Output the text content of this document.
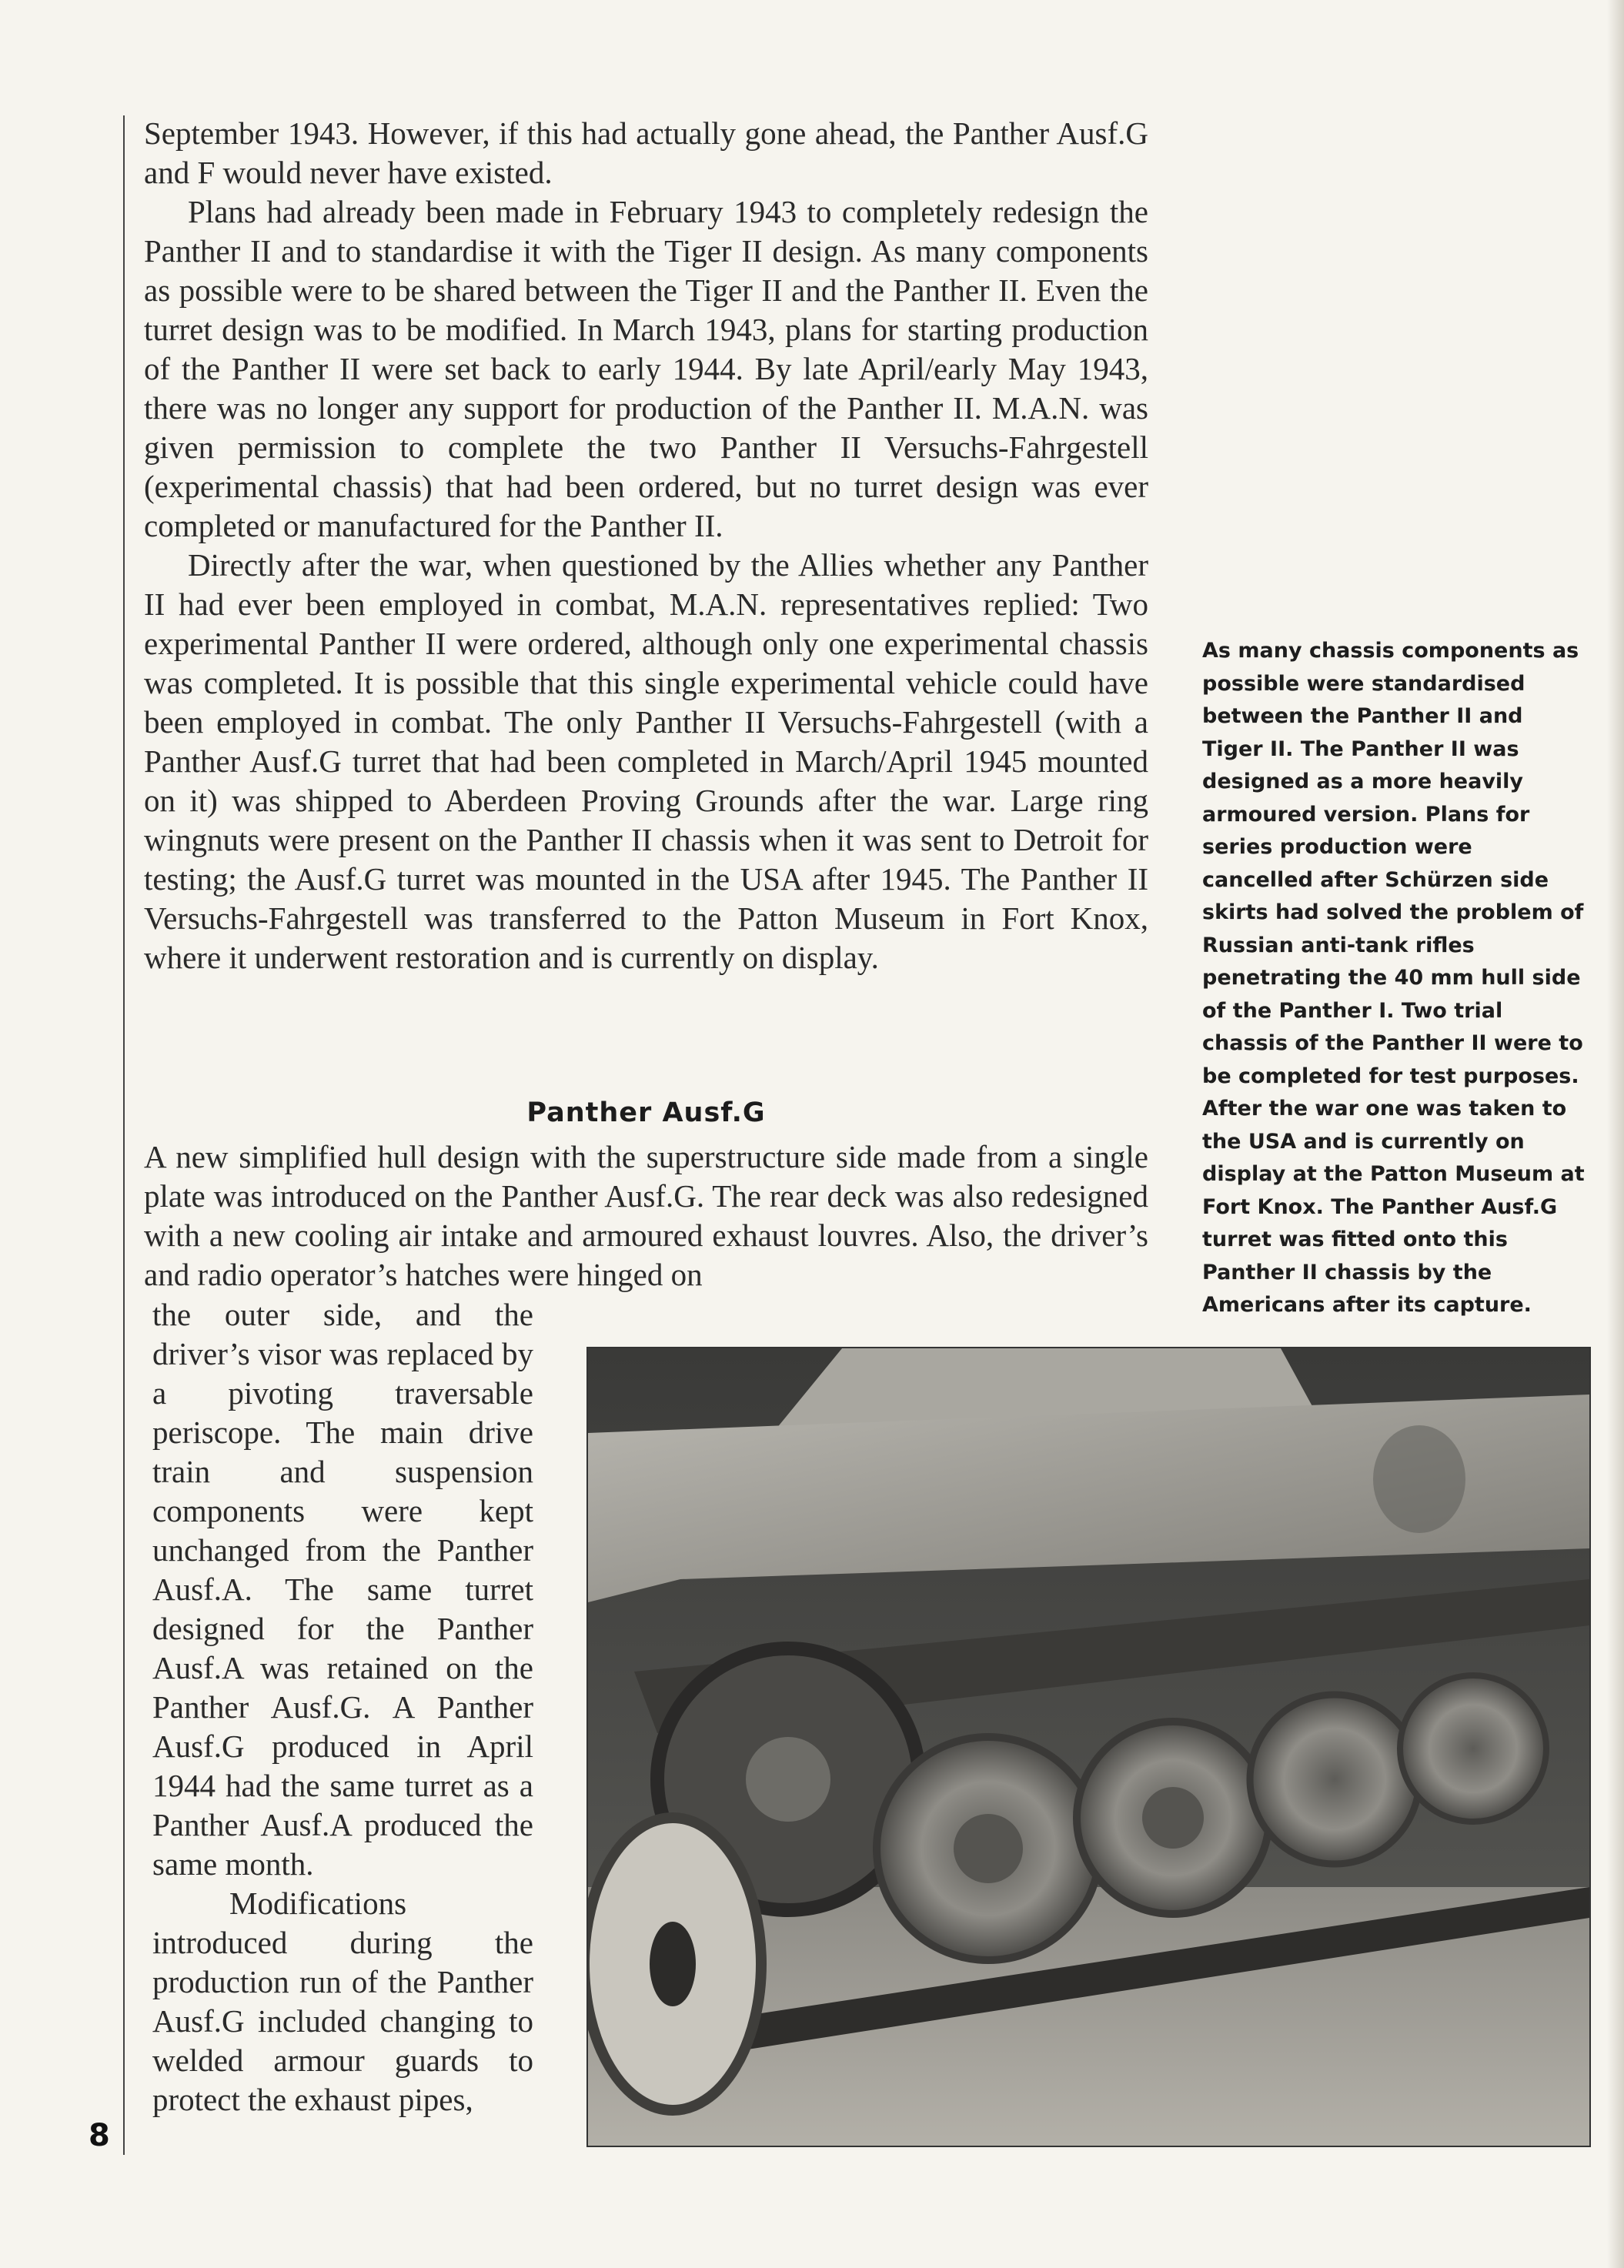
September 1943. However, if this had actually gone ahead, the Panther Ausf.G and F would never have existed.

Plans had already been made in February 1943 to completely redesign the Panther II and to standardise it with the Tiger II design. As many components as possible were to be shared between the Tiger II and the Panther II. Even the turret design was to be modified. In March 1943, plans for starting production of the Panther II were set back to early 1944. By late April/early May 1943, there was no longer any support for production of the Panther II. M.A.N. was given permission to complete the two Panther II Versuchs-Fahrgestell (experimental chassis) that had been ordered, but no turret design was ever completed or manufactured for the Panther II.

Directly after the war, when questioned by the Allies whether any Panther II had ever been employed in combat, M.A.N. representatives replied: Two experimental Panther II were ordered, although only one experimental chassis was completed. It is possible that this single experimental vehicle could have been employed in combat. The only Panther II Versuchs-Fahrgestell (with a Panther Ausf.G turret that had been completed in March/April 1945 mounted on it) was shipped to Aberdeen Proving Grounds after the war. Large ring wingnuts were present on the Panther II chassis when it was sent to Detroit for testing; the Ausf.G turret was mounted in the USA after 1945. The Panther II Versuchs-Fahrgestell was transferred to the Patton Museum in Fort Knox, where it underwent restoration and is currently on display.

As many chassis components as possible were standardised between the Panther II and Tiger II. The Panther II was designed as a more heavily armoured version. Plans for series production were cancelled after Schürzen side skirts had solved the problem of Russian anti-tank rifles penetrating the 40 mm hull side of the Panther I. Two trial chassis of the Panther II were to be completed for test purposes. After the war one was taken to the USA and is currently on display at the Patton Museum at Fort Knox. The Panther Ausf.G turret was fitted onto this Panther II chassis by the Americans after its capture.
Panther Ausf.G

A new simplified hull design with the superstructure side made from a single plate was introduced on the Panther Ausf.G. The rear deck was also redesigned with a new cooling air intake and armoured exhaust louvres. Also, the driver’s and radio operator’s hatches were hinged on

the outer side, and the driver’s visor was replaced by a pivoting traversable periscope. The main drive train and suspension components were kept unchanged from the Panther Ausf.A. The same turret designed for the Panther Ausf.A was retained on the Panther Ausf.G. A Panther Ausf.G produced in April 1944 had the same turret as a Panther Ausf.A produced the same month.

Modifications introduced during the production run of the Panther Ausf.G included changing to welded armour guards to protect the exhaust pipes,

8
